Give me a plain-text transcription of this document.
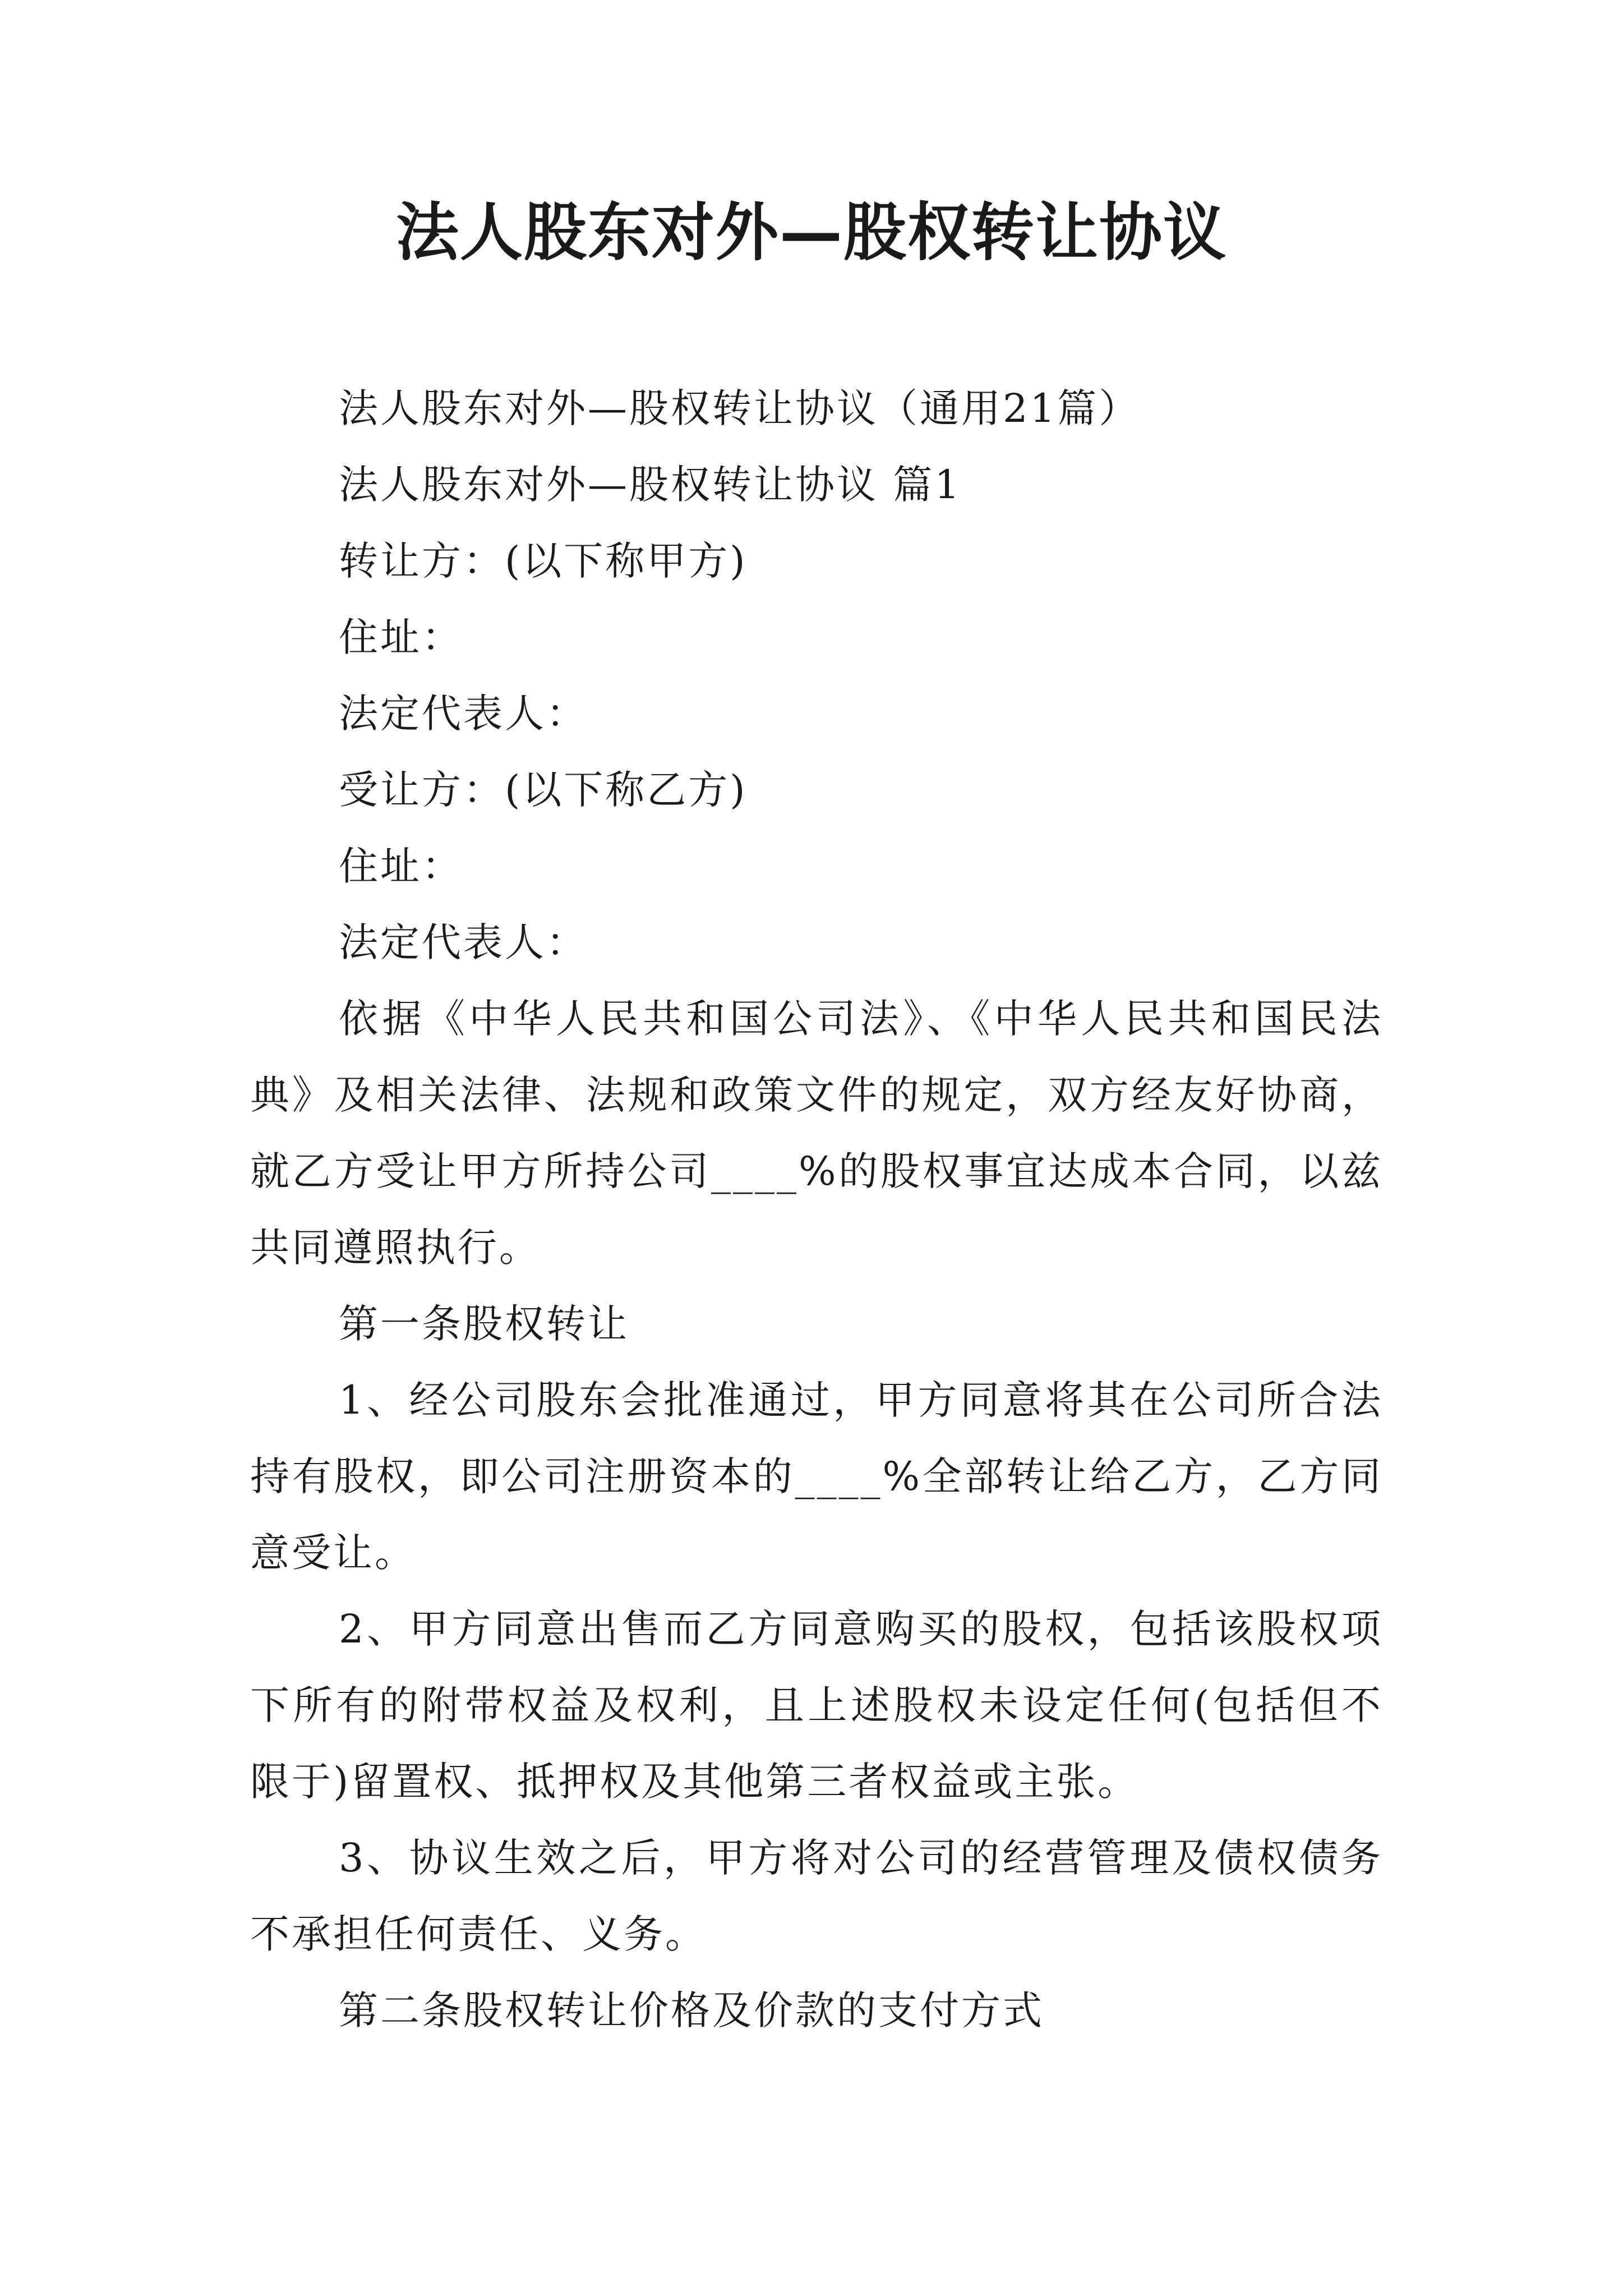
法人股东对外—股权转让协议

法人股东对外—股权转让协议（通用21篇）

法人股东对外—股权转让协议 篇1

转让方：(以下称甲方)

住址：

法定代表人：

受让方：(以下称乙方)

住址：

法定代表人：

依据《中华人民共和国公司法》、《中华人民共和国民法典》及相关法律、法规和政策文件的规定，双方经友好协商，就乙方受让甲方所持公司____%的股权事宜达成本合同，以兹共同遵照执行。

第一条股权转让

1、经公司股东会批准通过，甲方同意将其在公司所合法持有股权，即公司注册资本的____%全部转让给乙方，乙方同意受让。

2、甲方同意出售而乙方同意购买的股权，包括该股权项下所有的附带权益及权利，且上述股权未设定任何(包括但不限于)留置权、抵押权及其他第三者权益或主张。

3、协议生效之后，甲方将对公司的经营管理及债权债务不承担任何责任、义务。

第二条股权转让价格及价款的支付方式
